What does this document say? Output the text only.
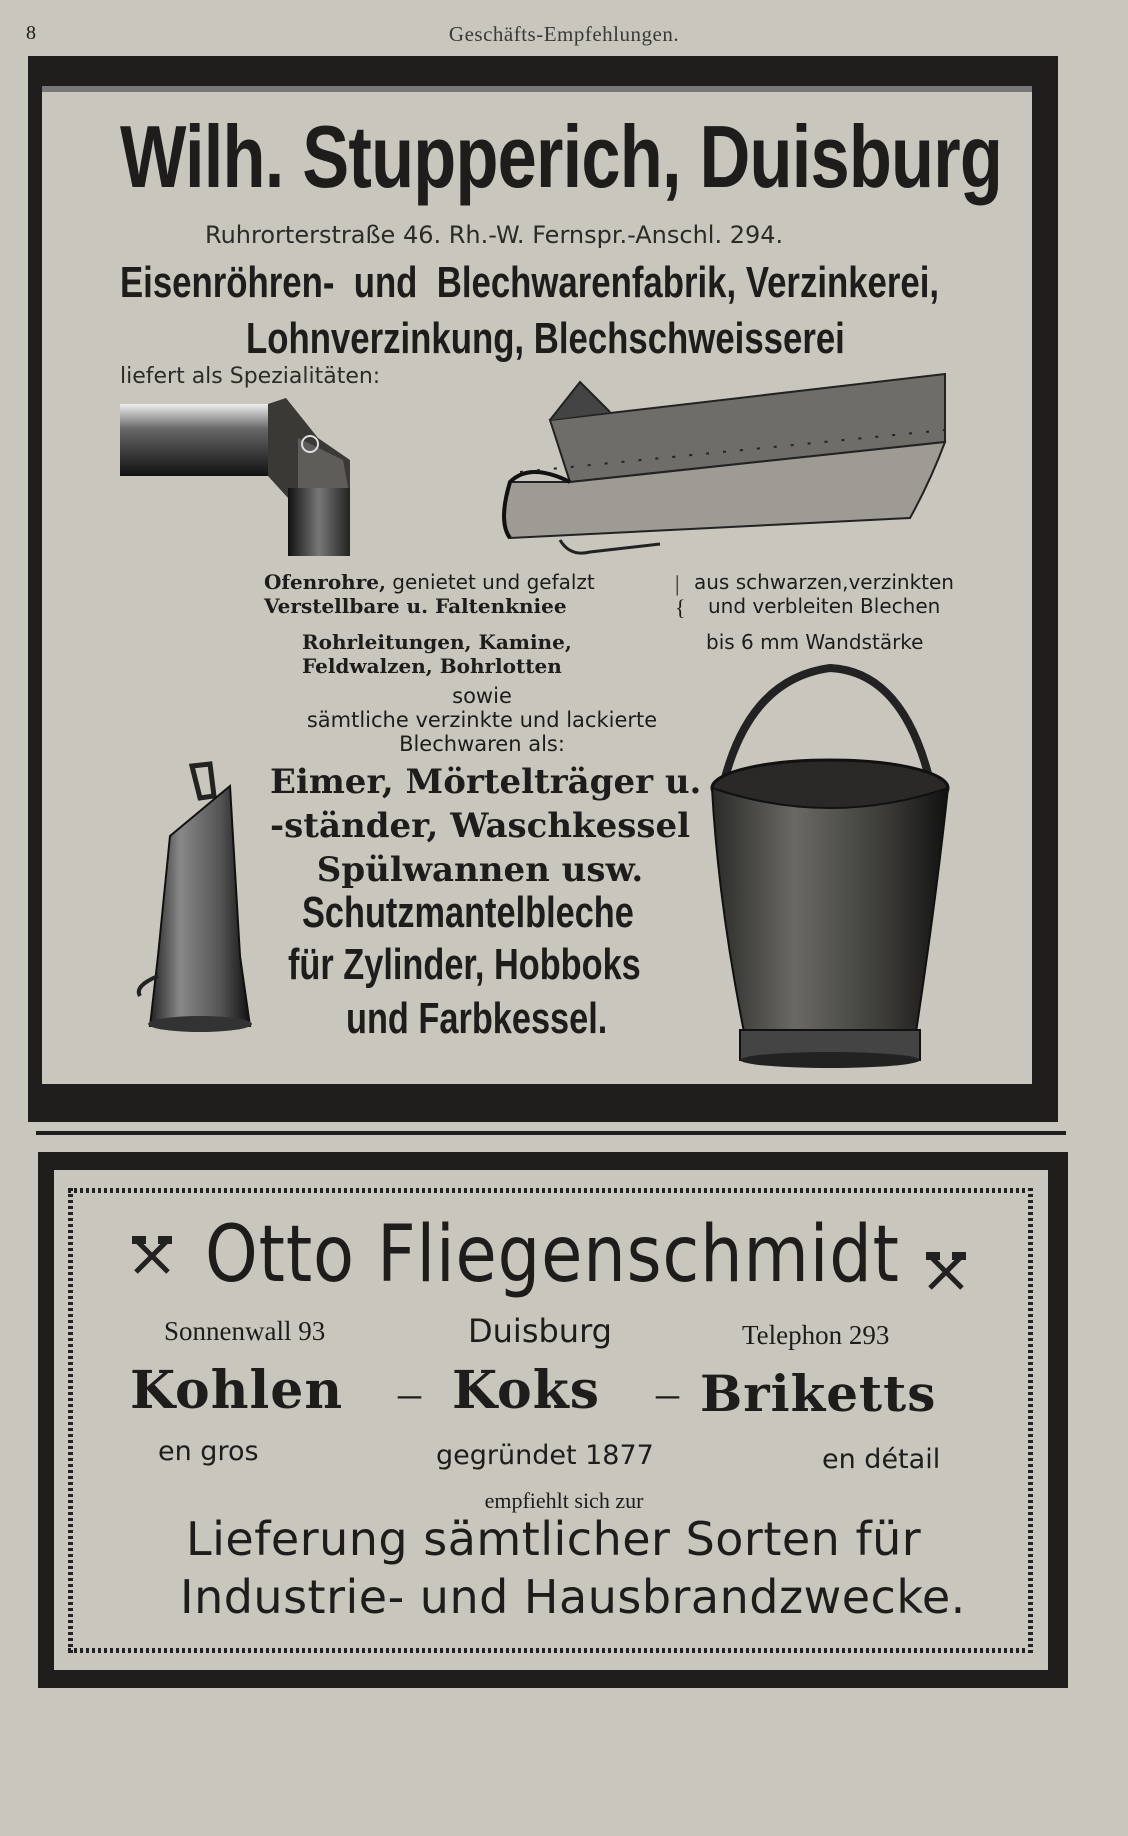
8	Geschäfts-Empfehlungen.
Wilh. Stupperich, Duisburg
Ruhrorterstraße 46. Rh.-W. Fernspr.-Anschl. 294.
Eisenröhren-  und  Blechwarenfabrik, Verzinkerei,
Lohnverzinkung, Blechschweisserei
liefert als Spezialitäten:
Ofenrohre, genietet und gefalzt
Verstellbare u. Faltenkniee
Rohrleitungen, Kamine,
Feldwalzen, Bohrlotten
|
{
aus schwarzen,verzinkten
und verbleiten Blechen
bis 6 mm Wandstärke
sowie
sämtliche verzinkte und lackierte
Blechwaren als:
Eimer, Mörtelträger u.
-ständer, Waschkessel
Spülwannen usw.
Schutzmantelbleche
für Zylinder, Hobboks
und Farbkessel.
Otto Fliegenschmidt
Sonnenwall 93	Duisburg	Telephon 293
Kohlen – Koks – Briketts
en gros	gegründet 1877	en détail
empfiehlt sich zur
Lieferung sämtlicher Sorten für
Industrie- und Hausbrandzwecke.
